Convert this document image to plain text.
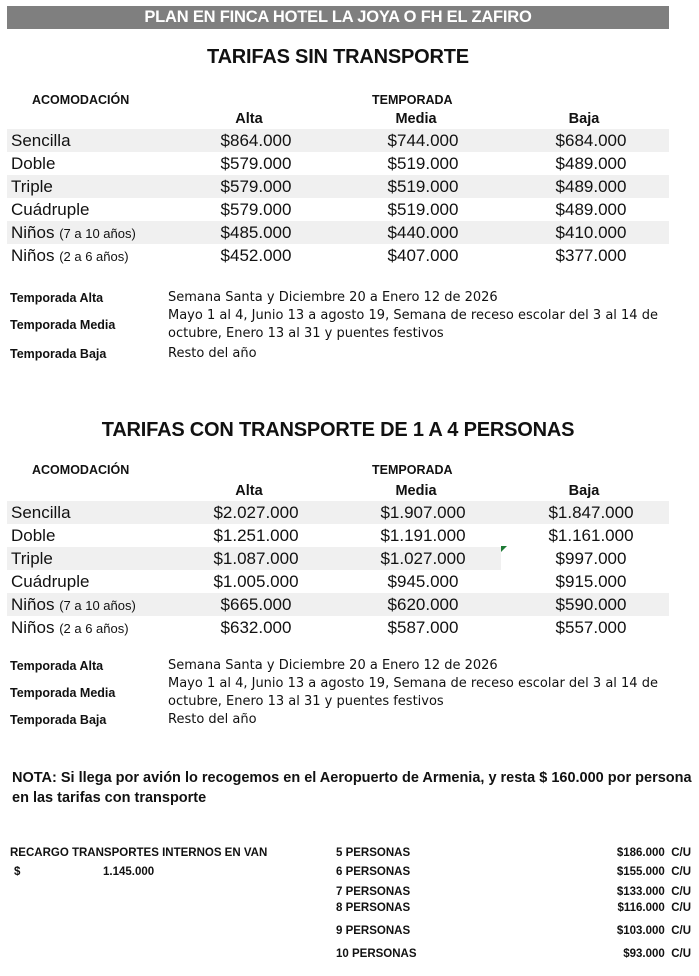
PLAN EN FINCA HOTEL LA JOYA O FH EL ZAFIRO
TARIFAS SIN TRANSPORTE
ACOMODACIÓN	TEMPORADA
Alta	Media	Baja
Sencilla	$864.000	$744.000	$684.000
Doble	$579.000	$519.000	$489.000
Triple	$579.000	$519.000	$489.000
Cuádruple	$579.000	$519.000	$489.000
Niños (7 a 10 años)	$485.000	$440.000	$410.000
Niños (2 a 6 años)	$452.000	$407.000	$377.000
Temporada Alta	Semana Santa y Diciembre 20 a Enero 12 de 2026
Temporada Media
Mayo 1 al 4, Junio 13 a agosto 19, Semana de receso escolar del 3 al 14 de octubre, Enero 13 al 31 y puentes festivos
Temporada Baja	Resto del año
TARIFAS CON TRANSPORTE DE 1 A 4 PERSONAS
ACOMODACIÓN	TEMPORADA
Alta	Media	Baja
Sencilla	$2.027.000	$1.907.000	$1.847.000
Doble	$1.251.000	$1.191.000	$1.161.000
Triple	$1.087.000	$1.027.000	$997.000
Cuádruple	$1.005.000	$945.000	$915.000
Niños (7 a 10 años)	$665.000	$620.000	$590.000
Niños (2 a 6 años)	$632.000	$587.000	$557.000
Temporada Alta	Semana Santa y Diciembre 20 a Enero 12 de 2026
Temporada Media
Mayo 1 al 4, Junio 13 a agosto 19, Semana de receso escolar del 3 al 14 de octubre, Enero 13 al 31 y puentes festivos
Temporada Baja	Resto del año
NOTA: Si llega por avión lo recogemos en el Aeropuerto de Armenia, y resta $ 160.000 por persona en las tarifas con transporte
RECARGO TRANSPORTES INTERNOS EN VAN
$	1.145.000
5 PERSONAS	$186.000 C/U
6 PERSONAS	$155.000 C/U
7 PERSONAS	$133.000 C/U
8 PERSONAS	$116.000 C/U
9 PERSONAS	$103.000 C/U
10 PERSONAS	$93.000 C/U
